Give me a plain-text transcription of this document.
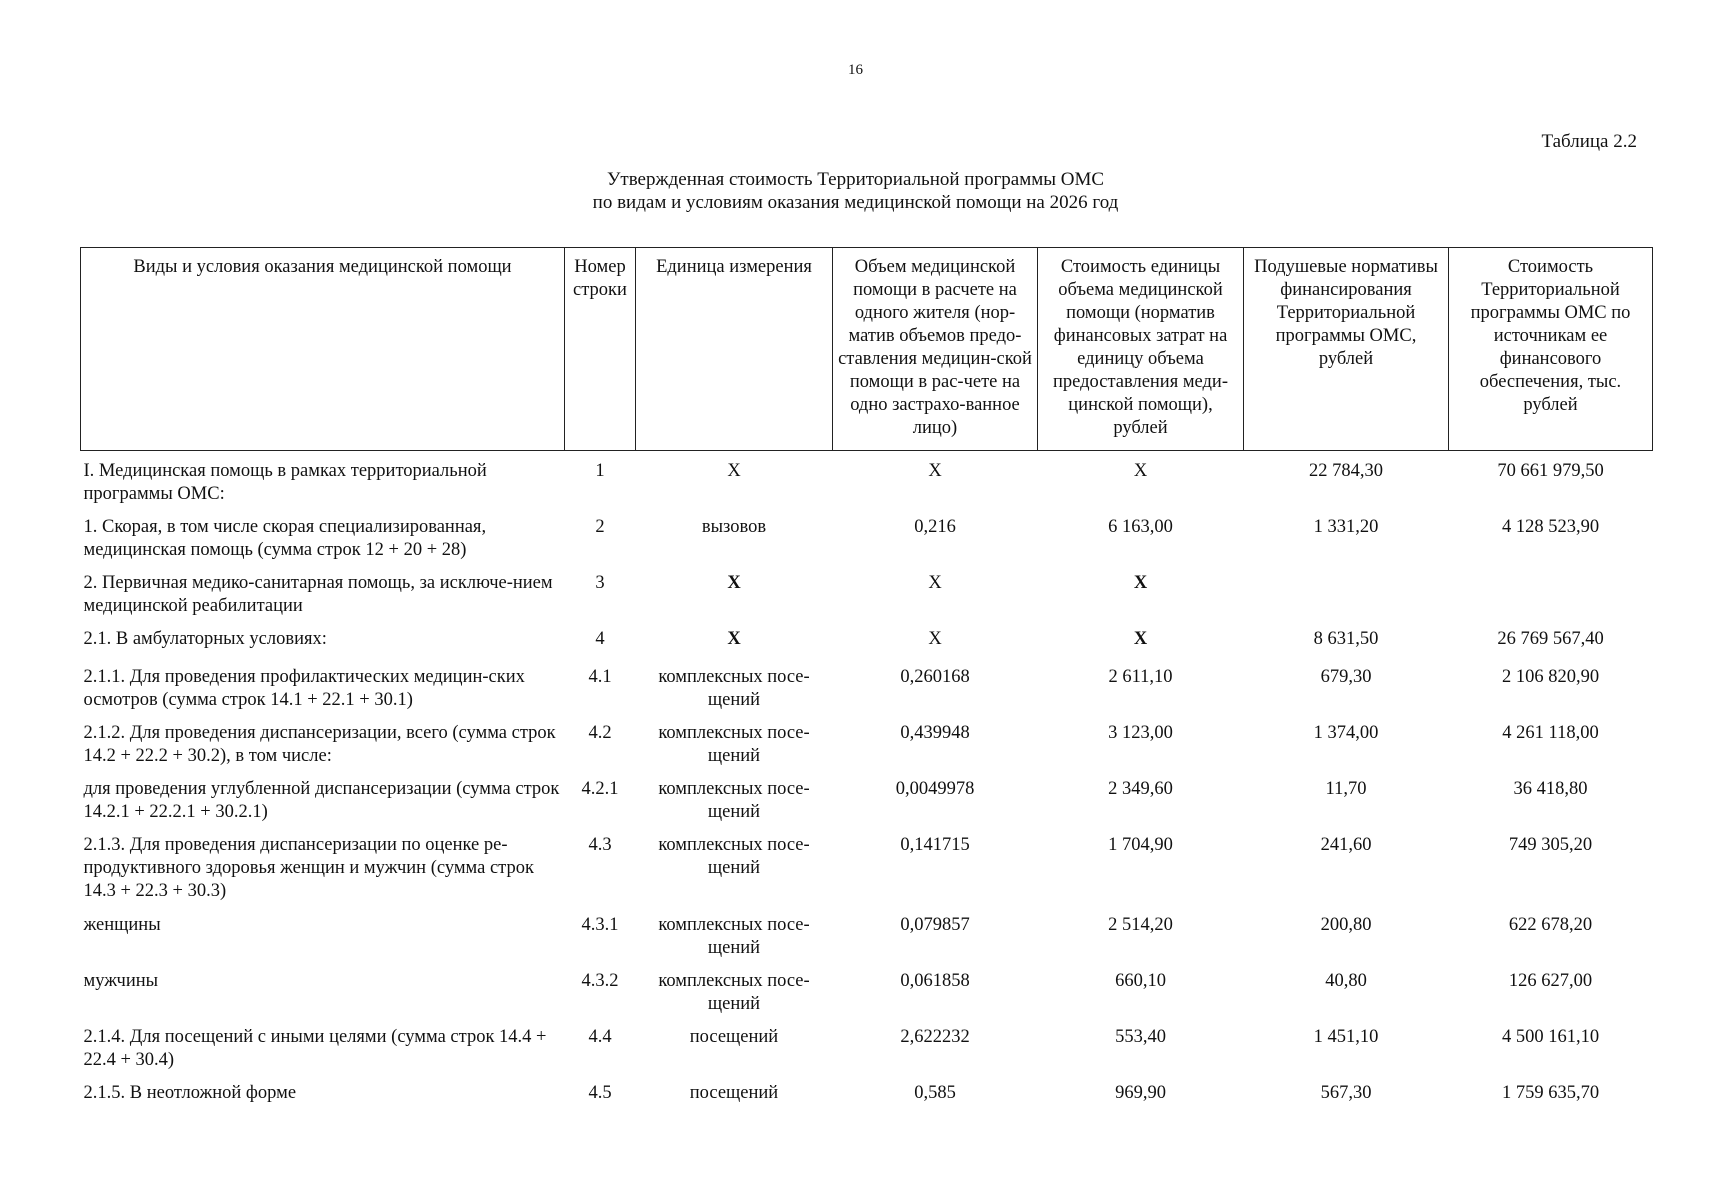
16
Таблица 2.2
Утвержденная стоимость Территориальной программы ОМС
по видам и условиям оказания медицинской помощи на 2026 год
Виды и условия оказания медицинской помощи	Номер строки	Единица измерения	Объем медицинской помощи в расчете на одного жителя (нор-матив объемов предо-ставления медицин-ской помощи в рас-чете на одно застрахо-ванное лицо)	Стоимость единицы объема медицинской помощи (норматив финансовых затрат на единицу объема предоставления меди-цинской помощи), рублей	Подушевые нормативы финансирования Территориальной программы ОМС, рублей	Стоимость Территориальной программы ОМС по источникам ее финансового обеспечения, тыс. рублей
I. Медицинская помощь в рамках территориальной программы ОМС:	1	Х	Х	Х	22 784,30	70 661 979,50
1. Скорая, в том числе скорая специализированная, медицинская помощь (сумма строк 12 + 20 + 28)	2	вызовов	0,216	6 163,00	1 331,20	4 128 523,90
2. Первичная медико-санитарная помощь, за исключе-нием медицинской реабилитации	3	Х	Х	Х		
2.1. В амбулаторных условиях:	4	Х	Х	Х	8 631,50	26 769 567,40
2.1.1. Для проведения профилактических медицин-ских осмотров (сумма строк 14.1 + 22.1 + 30.1)	4.1	комплексных посе-щений	0,260168	2 611,10	679,30	2 106 820,90
2.1.2. Для проведения диспансеризации, всего (сумма строк 14.2 + 22.2 + 30.2), в том числе:	4.2	комплексных посе-щений	0,439948	3 123,00	1 374,00	4 261 118,00
для проведения углубленной диспансеризации (сумма строк 14.2.1 + 22.2.1 + 30.2.1)	4.2.1	комплексных посе-щений	0,0049978	2 349,60	11,70	36 418,80
2.1.3. Для проведения диспансеризации по оценке ре-продуктивного здоровья женщин и мужчин (сумма строк 14.3 + 22.3 + 30.3)	4.3	комплексных посе-щений	0,141715	1 704,90	241,60	749 305,20
женщины	4.3.1	комплексных посе-щений	0,079857	2 514,20	200,80	622 678,20
мужчины	4.3.2	комплексных посе-щений	0,061858	660,10	40,80	126 627,00
2.1.4. Для посещений с иными целями (сумма строк 14.4 + 22.4 + 30.4)	4.4	посещений	2,622232	553,40	1 451,10	4 500 161,10
2.1.5. В неотложной форме	4.5	посещений	0,585	969,90	567,30	1 759 635,70
